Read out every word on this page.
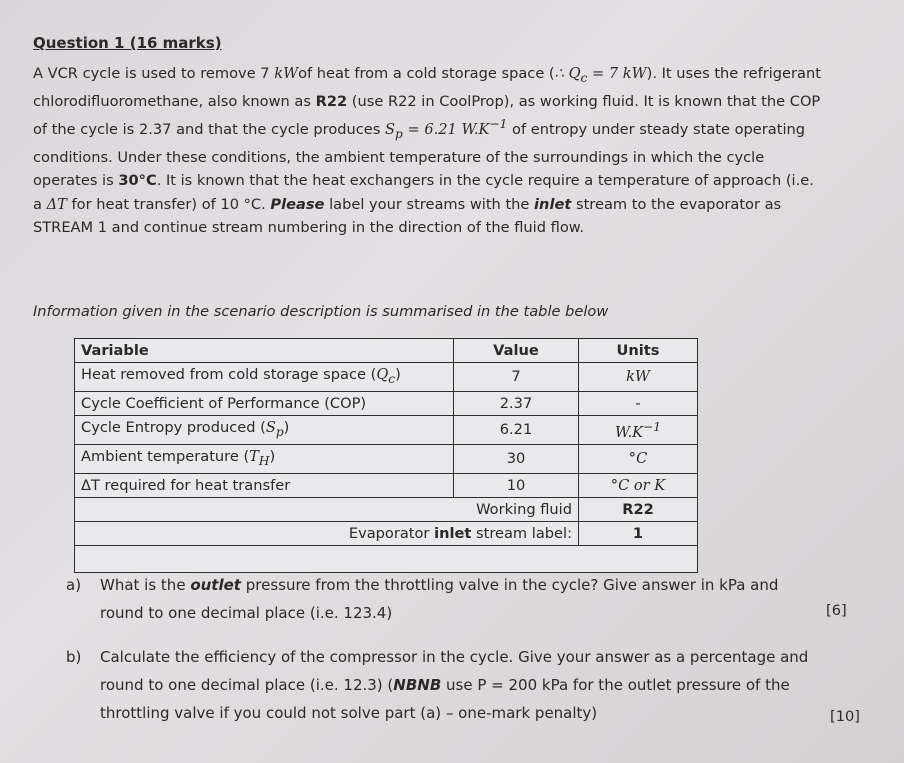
Question 1 (16 marks)
A VCR cycle is used to remove 7 kWof heat from a cold storage space (∴ $Q_c = 7$ kW). It uses the refrigerant chlorodifluoromethane, also known as R22 (use R22 in CoolProp), as working fluid. It is known that the COP of the cycle is 2.37 and that the cycle produces $S_p = 6.21$ $W.K^{-1}$ of entropy under steady state operating conditions. Under these conditions, the ambient temperature of the surroundings in which the cycle operates is 30°C. It is known that the heat exchangers in the cycle require a temperature of approach (i.e. a ΔT for heat transfer) of 10 °C. Please label your streams with the inlet stream to the evaporator as STREAM 1 and continue stream numbering in the direction of the fluid flow.
Information given in the scenario description is summarised in the table below
Variable	Value	Units
Heat removed from cold storage space $(Q_c)$	7	kW
Cycle Coefficient of Performance (COP)	2.37	-
Cycle Entropy produced $(S_p)$	6.21	$W.K^{-1}$
Ambient temperature $(T_H)$	30	°C
ΔT required for heat transfer	10	°C or K
Working fluid		R22
Evaporator inlet stream label:		1

a) What is the outlet pressure from the throttling valve in the cycle? Give answer in kPa and round to one decimal place (i.e. 123.4)	[6]
b) Calculate the efficiency of the compressor in the cycle. Give your answer as a percentage and round to one decimal place (i.e. 12.3) (NBNB use P = 200 kPa for the outlet pressure of the throttling valve if you could not solve part (a) – one-mark penalty)	[10]
